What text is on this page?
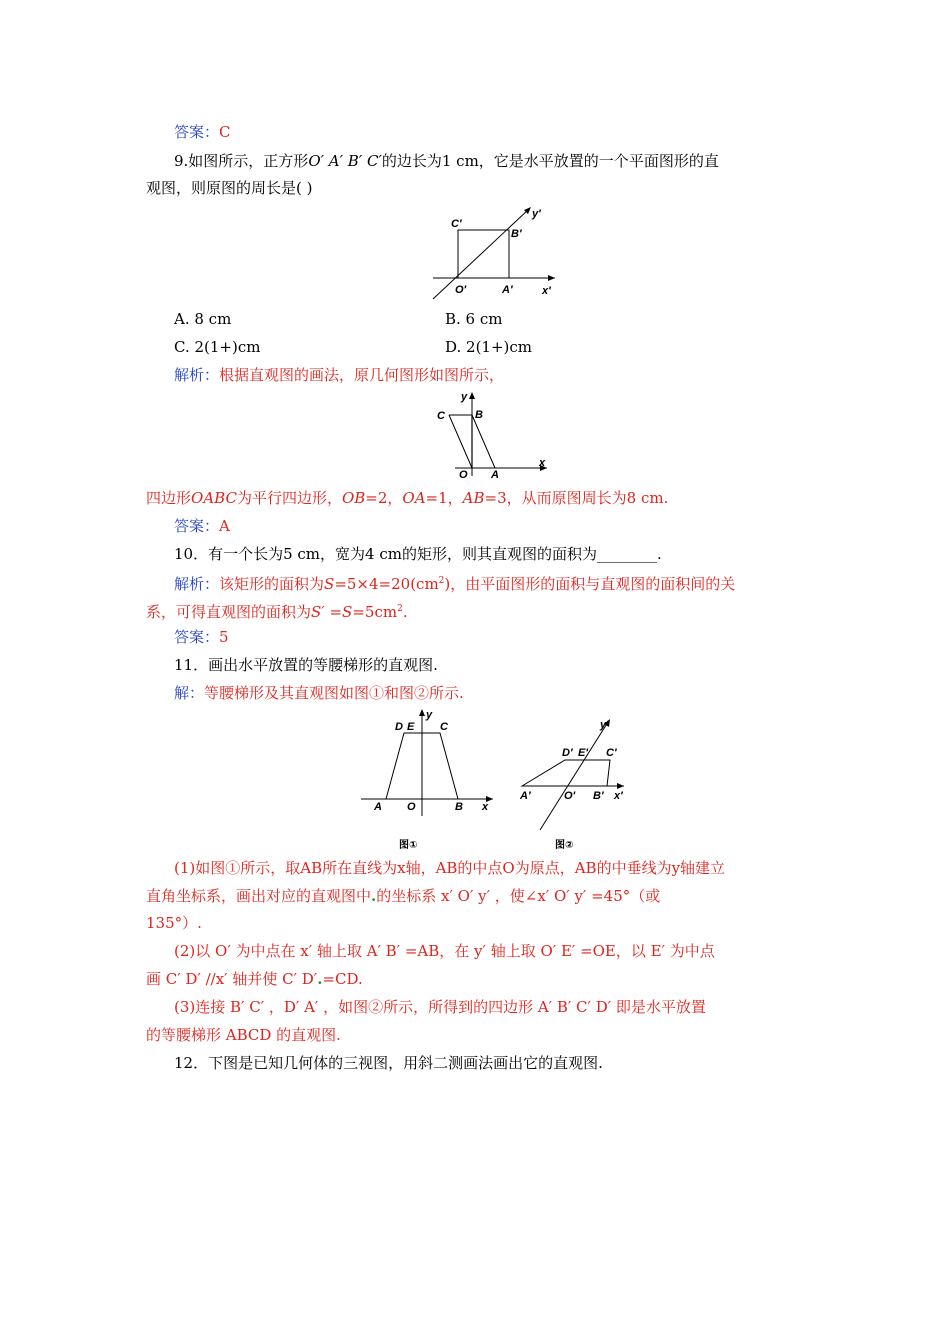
答案：C
9.如图所示，正方形O′ A′ B′ C′的边长为1 cm，它是水平放置的一个平面图形的直
观图，则原图的周长是( )
C′
B′
O′	A′	x′
y′
A. 8 cm	B. 6 cm
C. 2(1+)cm	D. 2(1+)cm
解析：根据直观图的画法，原几何图形如图所示，
C	B
O A
x
y
四边形OABC为平行四边形，OB=2，OA=1，AB=3，从而原图周长为8 cm.
答案：A
10．有一个长为5 cm，宽为4 cm的矩形，则其直观图的面积为________.
解析：该矩形的面积为$S=5\times 4=20(cm^2)$，由平面图形的面积与直观图的面积间的关
系，可得直观图的面积为$S' =S=5cm^2$.
答案：5
11．画出水平放置的等腰梯形的直观图.
解：等腰梯形及其直观图如图①和图②所示.
D E C
y
A O	B x
图①
y′
D′ E′ C′
A′	O′ B′ x′
图②
(1)如图①所示，取AB所在直线为x轴，AB的中点O为原点，AB的中垂线为y轴建立
直角坐标系，画出对应的直观图中.的坐标系 x′ O′ y′ ，使∠x′ O′ y′ =45°（或
135°）.
(2)以 O′ 为中点在 x′ 轴上取 A′ B′ =AB，在 y′ 轴上取 O′ E′ =OE，以 E′ 为中点
画 C′ D′ //x′ 轴并使 C′ D′.=CD.
(3)连接 B′ C′ ，D′ A′ ，如图②所示，所得到的四边形 A′ B′ C′ D′ 即是水平放置
的等腰梯形 ABCD 的直观图.
12．下图是已知几何体的三视图，用斜二测画法画出它的直观图.
